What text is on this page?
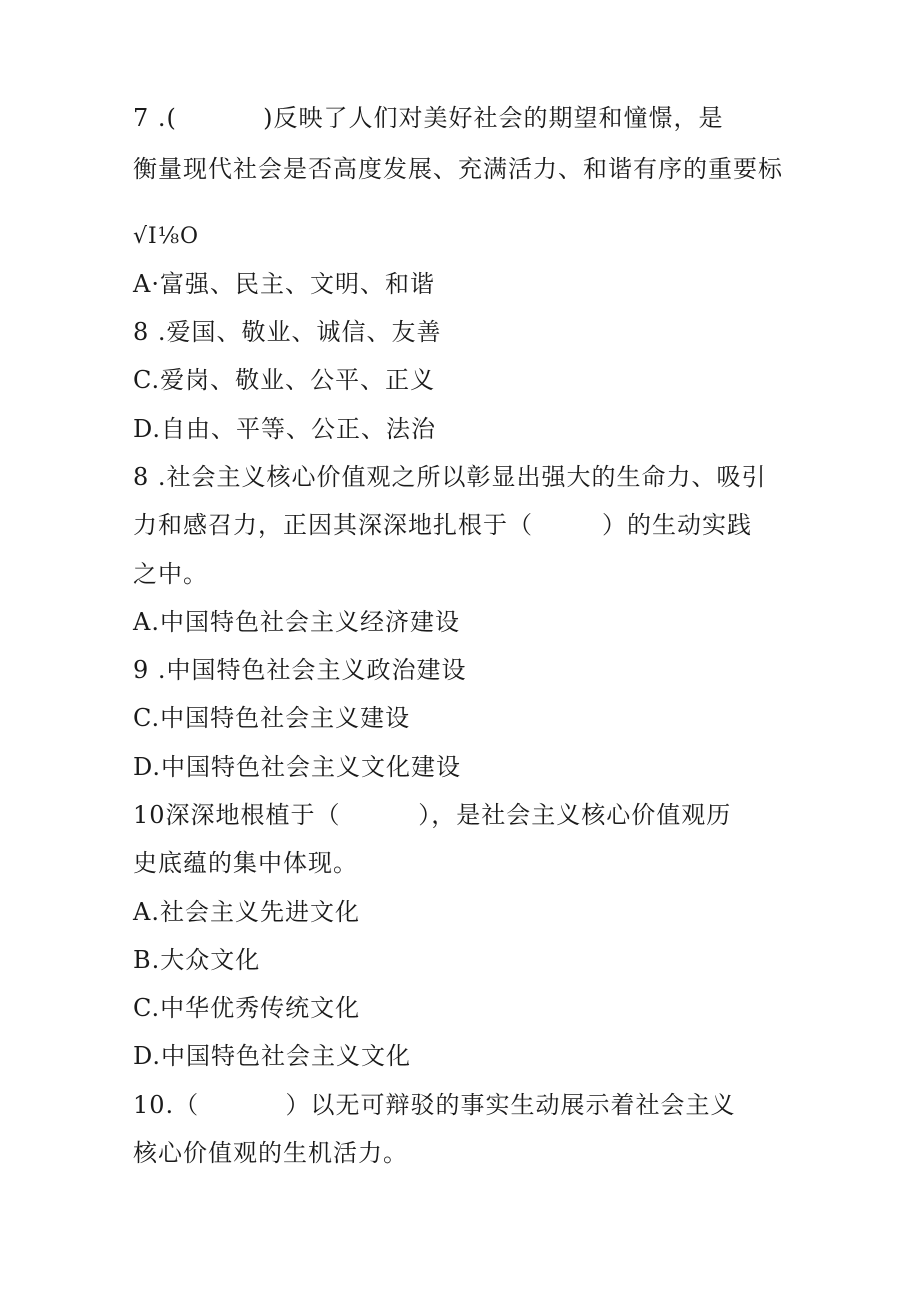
7 .(          )反映了人们对美好社会的期望和憧憬，是
衡量现代社会是否高度发展、充满活力、和谐有序的重要标
√I⅛O
A·富强、民主、文明、和谐
8 .爱国、敬业、诚信、友善
C.爱岗、敬业、公平、正义
D.自由、平等、公正、法治
8 .社会主义核心价值观之所以彰显出强大的生命力、吸引
力和感召力，正因其深深地扎根于（        ）的生动实践
之中。
A.中国特色社会主义经济建设
9 .中国特色社会主义政治建设
C.中国特色社会主义建设
D.中国特色社会主义文化建设
10深深地根植于（         ），是社会主义核心价值观历
史底蕴的集中体现。
A.社会主义先进文化
B.大众文化
C.中华优秀传统文化
D.中国特色社会主义文化
10.（          ）以无可辩驳的事实生动展示着社会主义
核心价值观的生机活力。
